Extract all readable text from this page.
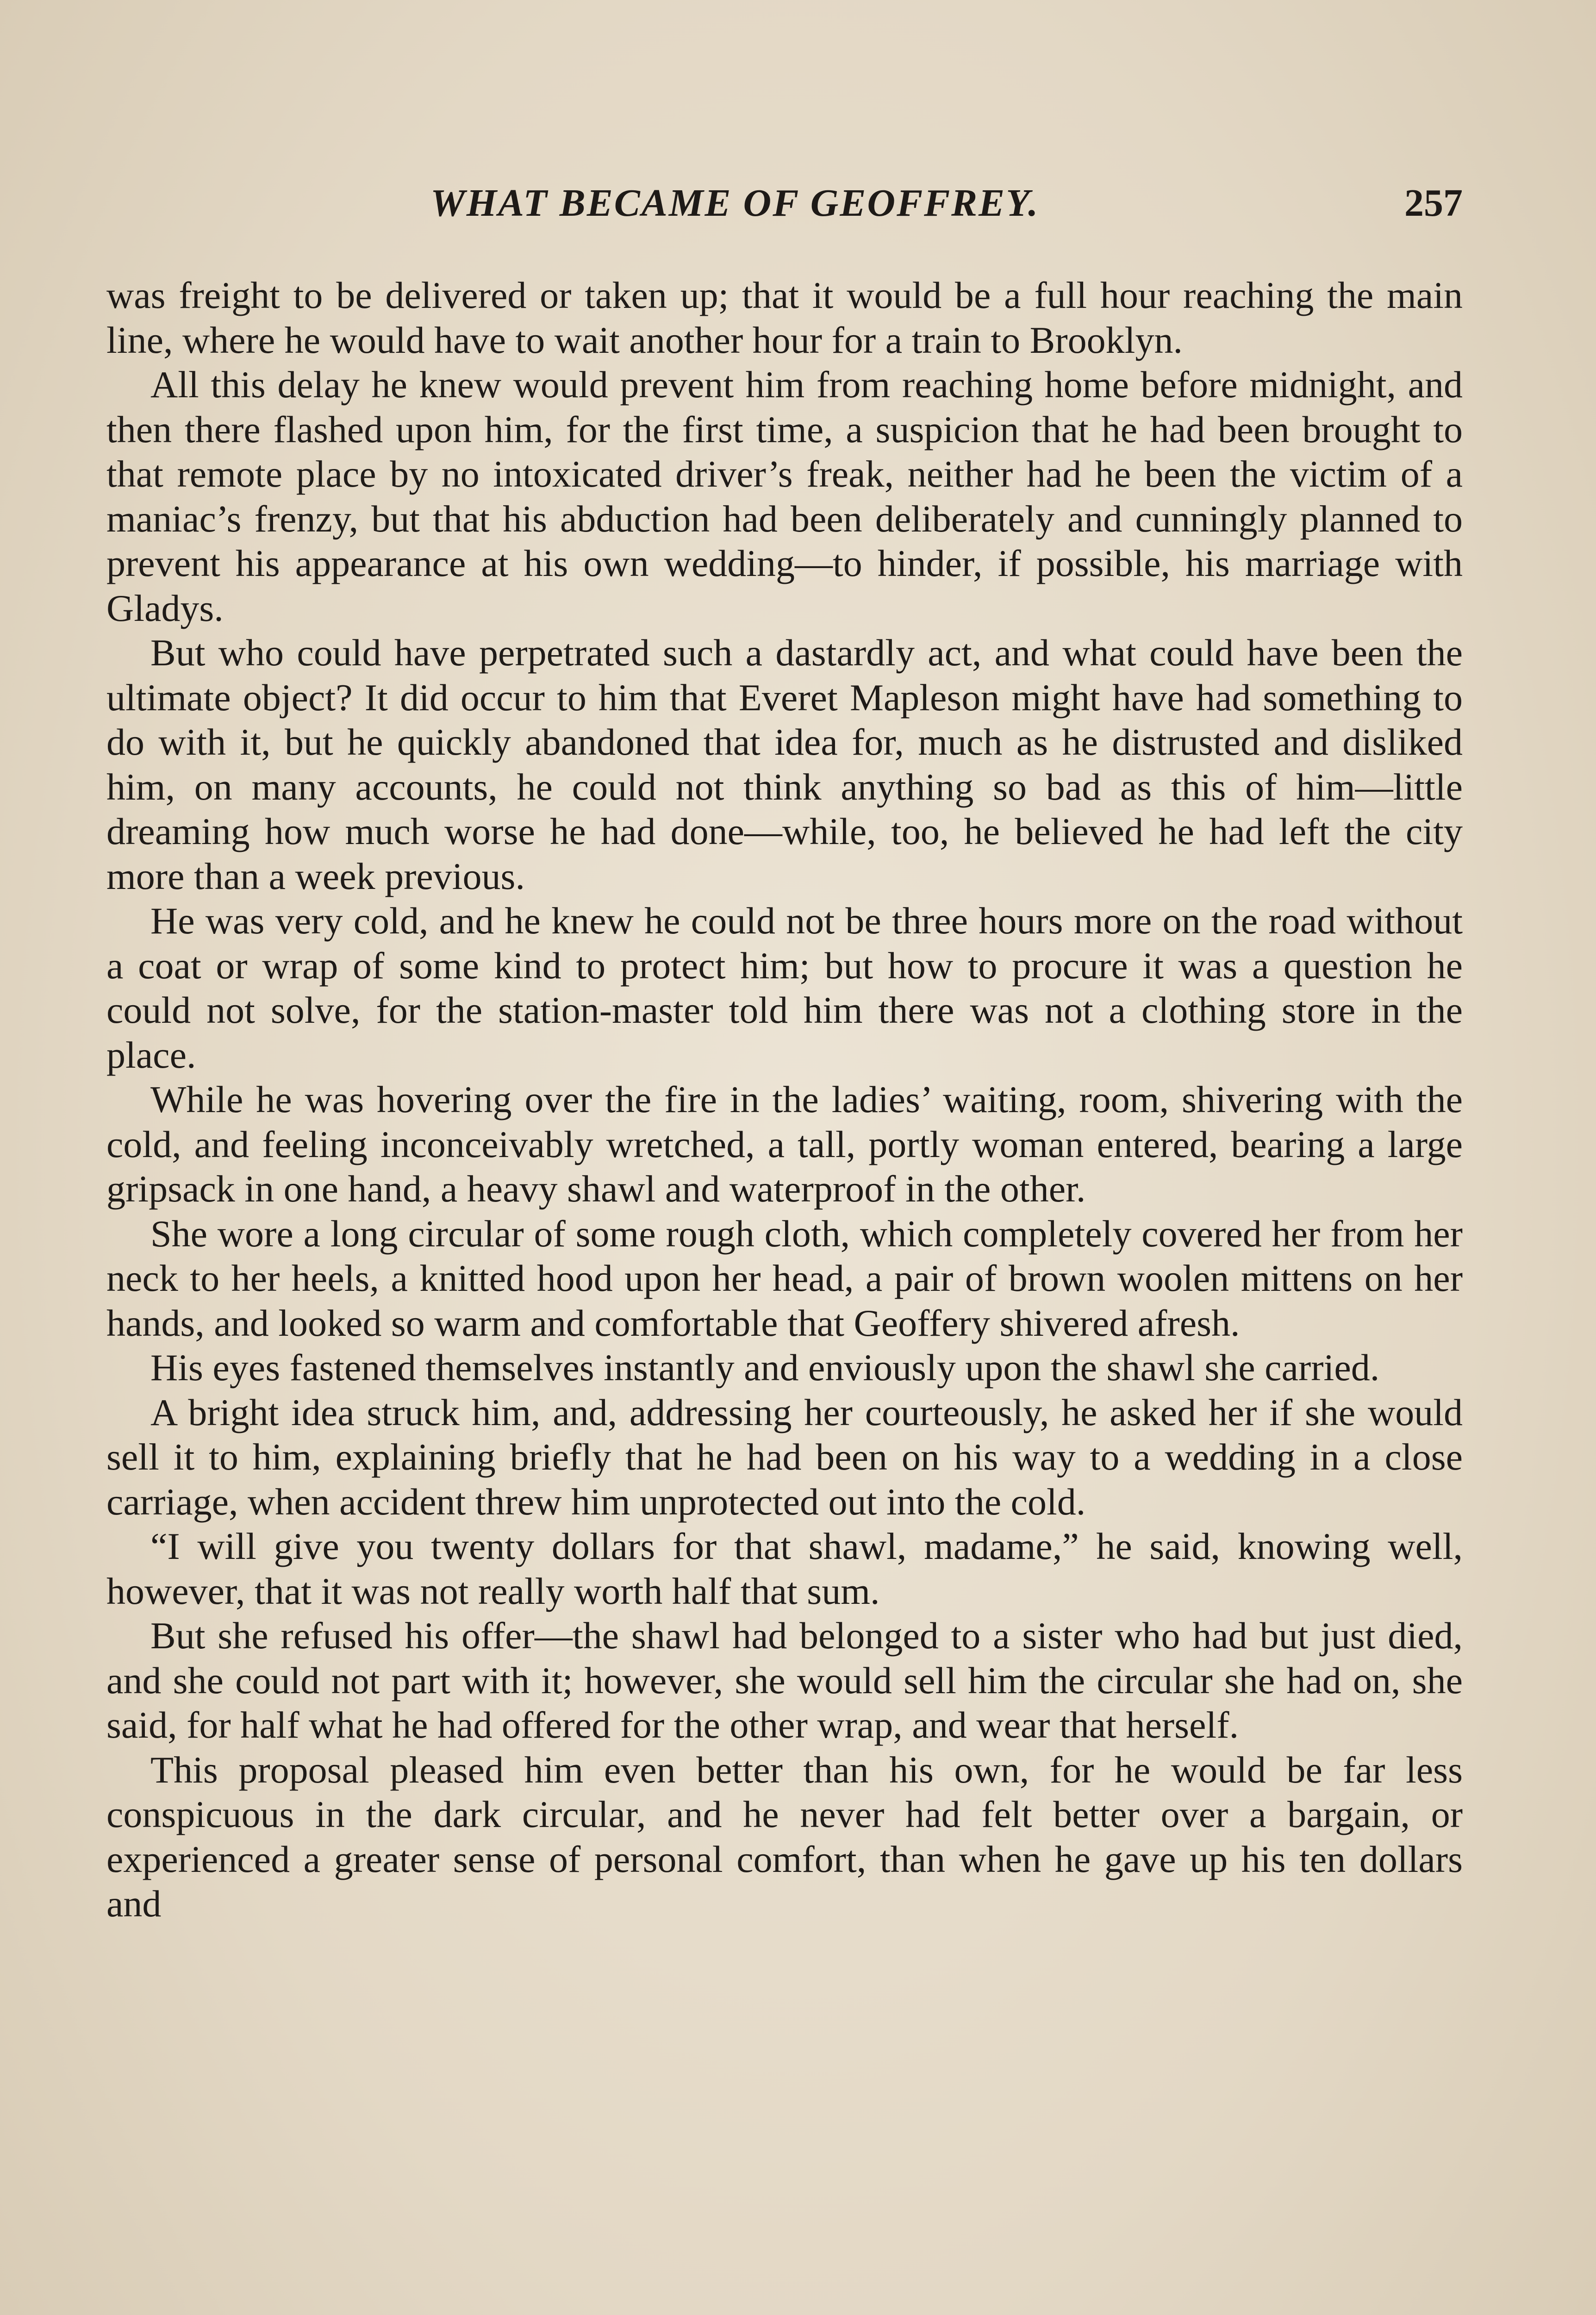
WHAT BECAME OF GEOFFREY.	257

was freight to be delivered or taken up; that it would be a full hour reaching the main line, where he would have to wait another hour for a train to Brooklyn.

All this delay he knew would prevent him from reaching home before midnight, and then there flashed upon him, for the first time, a suspicion that he had been brought to that remote place by no intoxicated driver’s freak, neither had he been the victim of a maniac’s frenzy, but that his abduction had been deliberately and cunningly planned to prevent his appearance at his own wedding—to hinder, if possible, his marriage with Gladys.

But who could have perpetrated such a dastardly act, and what could have been the ultimate object? It did occur to him that Everet Mapleson might have had something to do with it, but he quickly abandoned that idea for, much as he distrusted and disliked him, on many accounts, he could not think anything so bad as this of him—little dreaming how much worse he had done—while, too, he believed he had left the city more than a week previous.

He was very cold, and he knew he could not be three hours more on the road without a coat or wrap of some kind to protect him; but how to procure it was a question he could not solve, for the station-master told him there was not a clothing store in the place.

While he was hovering over the fire in the ladies’ waiting, room, shivering with the cold, and feeling inconceivably wretched, a tall, portly woman entered, bearing a large gripsack in one hand, a heavy shawl and waterproof in the other.

She wore a long circular of some rough cloth, which completely covered her from her neck to her heels, a knitted hood upon her head, a pair of brown woolen mittens on her hands, and looked so warm and comfortable that Geoffery shivered afresh.

His eyes fastened themselves instantly and enviously upon the shawl she carried.

A bright idea struck him, and, addressing her courteously, he asked her if she would sell it to him, explaining briefly that he had been on his way to a wedding in a close carriage, when accident threw him unprotected out into the cold.

“I will give you twenty dollars for that shawl, madame,” he said, knowing well, however, that it was not really worth half that sum.

But she refused his offer—the shawl had belonged to a sister who had but just died, and she could not part with it; however, she would sell him the circular she had on, she said, for half what he had offered for the other wrap, and wear that herself.

This proposal pleased him even better than his own, for he would be far less conspicuous in the dark circular, and he never had felt better over a bargain, or experienced a greater sense of personal comfort, than when he gave up his ten dollars and
